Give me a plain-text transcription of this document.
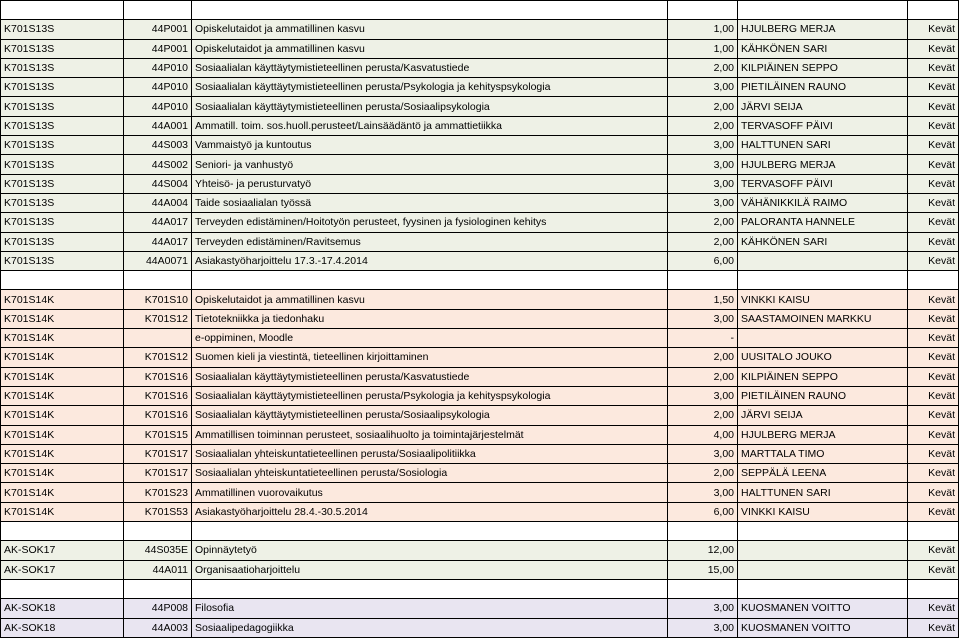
K701S13S	44P001	Opiskelutaidot ja ammatillinen kasvu	1,00	HJULBERG MERJA	Kevät
K701S13S	44P001	Opiskelutaidot ja ammatillinen kasvu	1,00	KÄHKÖNEN SARI	Kevät
K701S13S	44P010	Sosiaalialan käyttäytymistieteellinen perusta/Kasvatustiede	2,00	KILPIÄINEN SEPPO	Kevät
K701S13S	44P010	Sosiaalialan käyttäytymistieteellinen perusta/Psykologia ja kehityspsykologia	3,00	PIETILÄINEN RAUNO	Kevät
K701S13S	44P010	Sosiaalialan käyttäytymistieteellinen perusta/Sosiaalipsykologia	2,00	JÄRVI SEIJA	Kevät
K701S13S	44A001	Ammatill. toim. sos.huoll.perusteet/Lainsäädäntö ja ammattietiikka	2,00	TERVASOFF PÄIVI	Kevät
K701S13S	44S003	Vammaistyö ja kuntoutus	3,00	HALTTUNEN SARI	Kevät
K701S13S	44S002	Seniori- ja vanhustyö	3,00	HJULBERG MERJA	Kevät
K701S13S	44S004	Yhteisö- ja perusturvatyö	3,00	TERVASOFF PÄIVI	Kevät
K701S13S	44A004	Taide sosiaalialan työssä	3,00	VÄHÄNIKKILÄ RAIMO	Kevät
K701S13S	44A017	Terveyden edistäminen/Hoitotyön perusteet, fyysinen ja fysiologinen kehitys	2,00	PALORANTA HANNELE	Kevät
K701S13S	44A017	Terveyden edistäminen/Ravitsemus	2,00	KÄHKÖNEN SARI	Kevät
K701S13S	44A0071	Asiakastyöharjoittelu 17.3.-17.4.2014	6,00		Kevät

K701S14K	K701S10	Opiskelutaidot ja ammatillinen kasvu	1,50	VINKKI KAISU	Kevät
K701S14K	K701S12	Tietotekniikka ja tiedonhaku	3,00	SAASTAMOINEN MARKKU	Kevät
K701S14K		e-oppiminen, Moodle	-		Kevät
K701S14K	K701S12	Suomen kieli ja viestintä, tieteellinen kirjoittaminen	2,00	UUSITALO JOUKO	Kevät
K701S14K	K701S16	Sosiaalialan käyttäytymistieteellinen perusta/Kasvatustiede	2,00	KILPIÄINEN SEPPO	Kevät
K701S14K	K701S16	Sosiaalialan käyttäytymistieteellinen perusta/Psykologia ja kehityspsykologia	3,00	PIETILÄINEN RAUNO	Kevät
K701S14K	K701S16	Sosiaalialan käyttäytymistieteellinen perusta/Sosiaalipsykologia	2,00	JÄRVI SEIJA	Kevät
K701S14K	K701S15	Ammatillisen toiminnan perusteet, sosiaalihuolto ja toimintajärjestelmät	4,00	HJULBERG MERJA	Kevät
K701S14K	K701S17	Sosiaalialan yhteiskuntatieteellinen perusta/Sosiaalipolitiikka	3,00	MARTTALA TIMO	Kevät
K701S14K	K701S17	Sosiaalialan yhteiskuntatieteellinen perusta/Sosiologia	2,00	SEPPÄLÄ LEENA	Kevät
K701S14K	K701S23	Ammatillinen vuorovaikutus	3,00	HALTTUNEN SARI	Kevät
K701S14K	K701S53	Asiakastyöharjoittelu 28.4.-30.5.2014	6,00	VINKKI KAISU	Kevät

AK-SOK17	44S035E	Opinnäytetyö	12,00		Kevät
AK-SOK17	44A011	Organisaatioharjoittelu	15,00		Kevät

AK-SOK18	44P008	Filosofia	3,00	KUOSMANEN VOITTO	Kevät
AK-SOK18	44A003	Sosiaalipedagogiikka	3,00	KUOSMANEN VOITTO	Kevät
